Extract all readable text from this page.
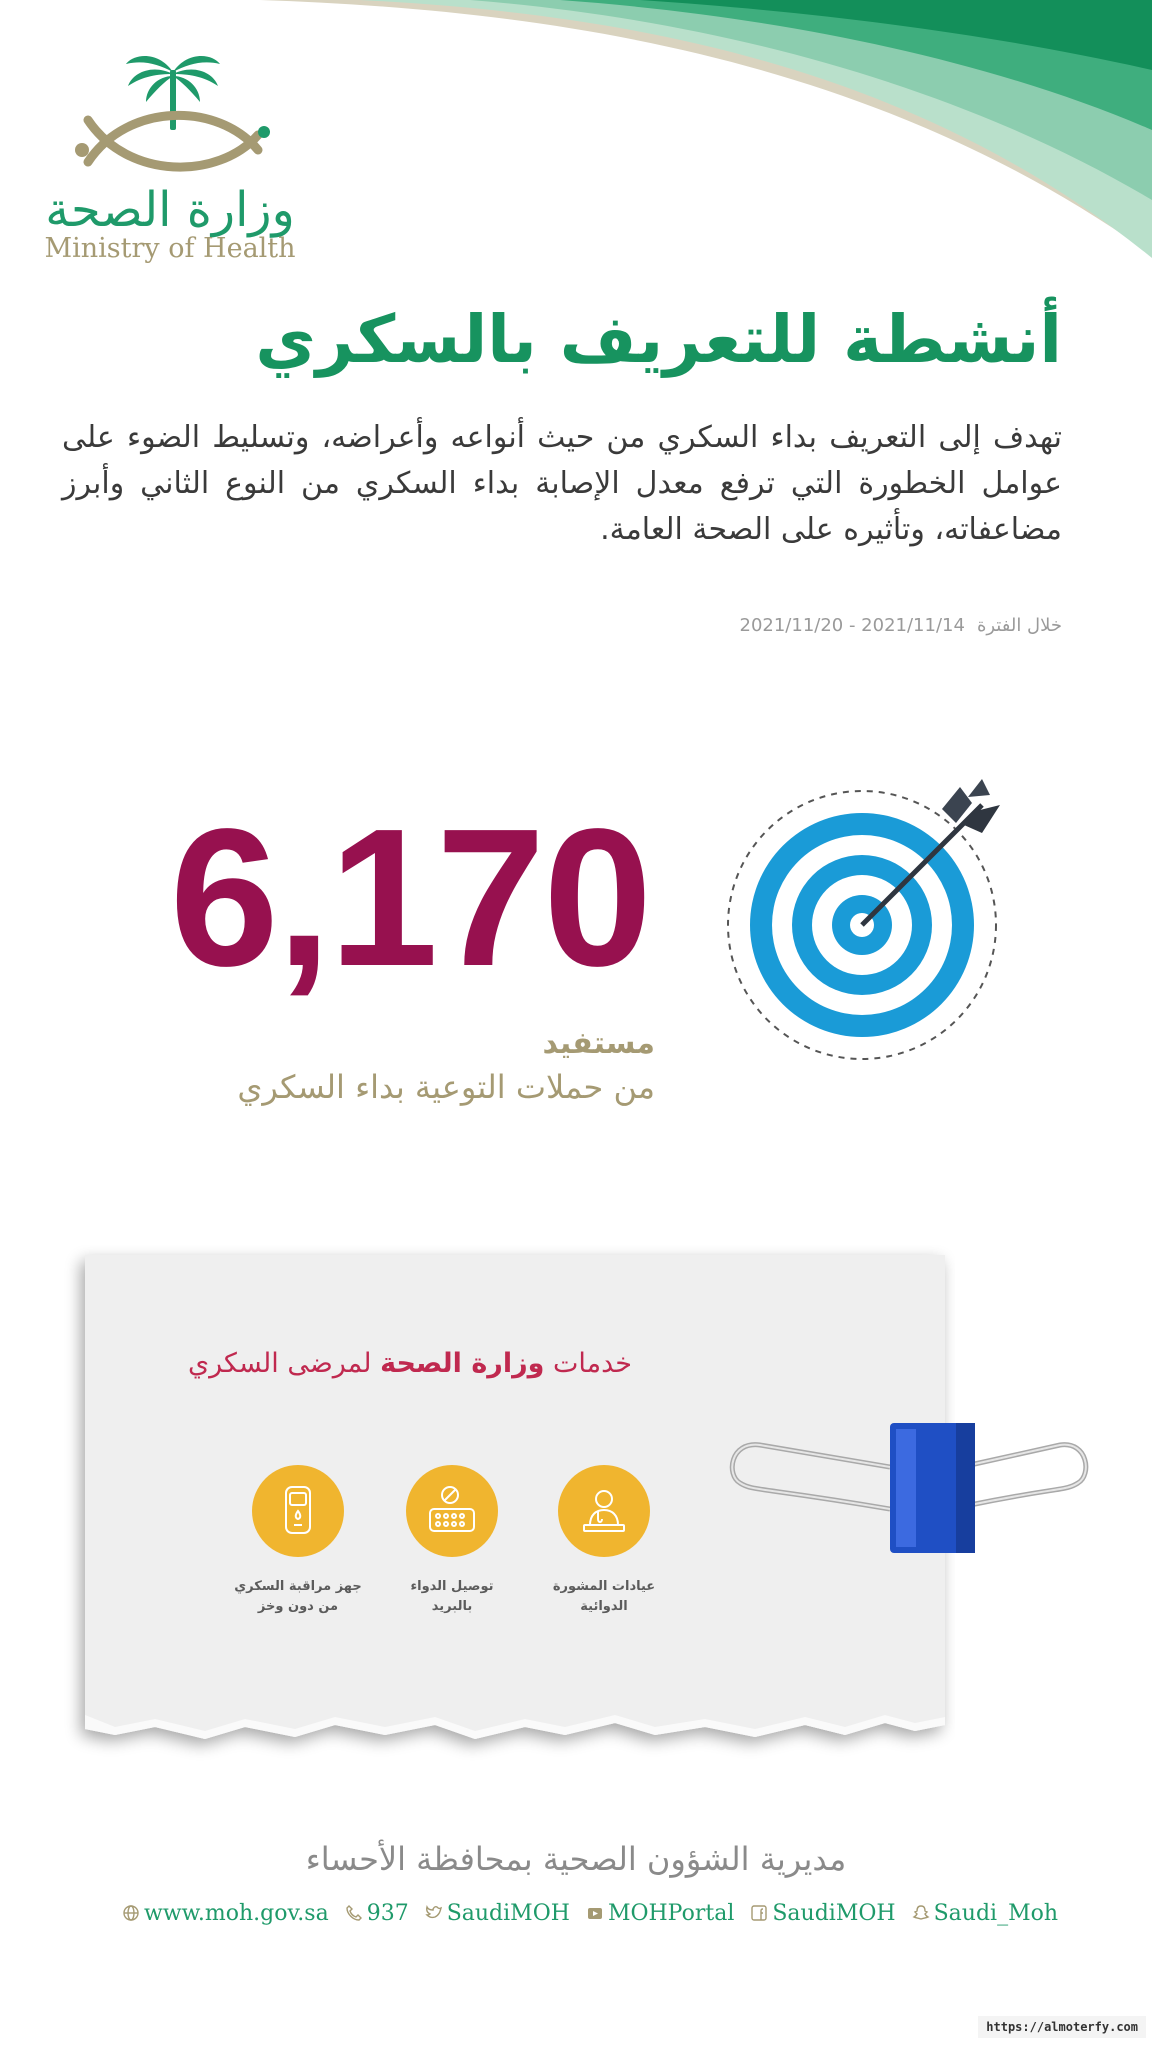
وزارة الصحة
Ministry of Health
أنشطة للتعريف بالسكري
تهدف إلى التعريف بداء السكري من حيث أنواعه وأعراضه، وتسليط الضوء على عوامل الخطورة التي ترفع معدل الإصابة بداء السكري من النوع الثاني وأبرز مضاعفاته، وتأثيره على الصحة العامة.
خلال الفترة2021/11/20 - 2021/11/14
6,170
مستفيد
من حملات التوعية بداء السكري
خدمات وزارة الصحة لمرضى السكري
عيادات المشورة
الدوائية
توصيل الدواء
بالبريد
جهز مراقبة السكري
من دون وخز
مديرية الشؤون الصحية بمحافظة الأحساء
www.moh.gov.sa 937 SaudiMOH MOHPortal SaudiMOH Saudi_Moh
https://almoterfy.com
